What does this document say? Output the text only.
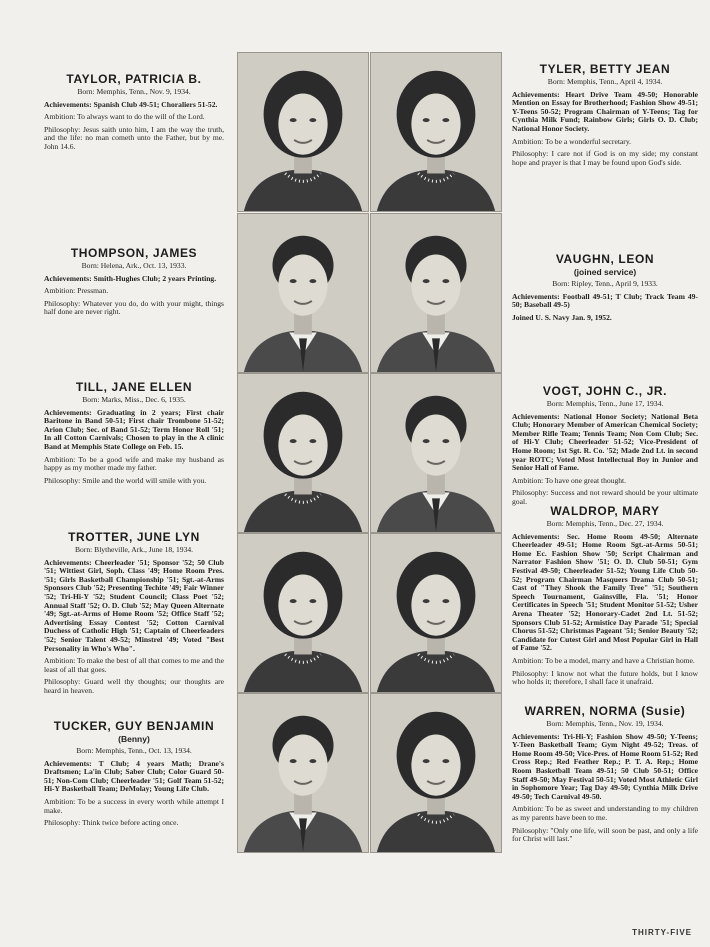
TAYLOR, PATRICIA B.

Born: Memphis, Tenn., Nov. 9, 1934.

Achievements: Spanish Club 49-51; Choraliers 51-52.

Ambition: To always want to do the will of the Lord.

Philosophy: Jesus saith unto him, I am the way the truth, and the life: no man cometh unto the Father, but by me. John 14.6.

THOMPSON, JAMES

Born: Helena, Ark., Oct. 13, 1933.

Achievements: Smith-Hughes Club; 2 years Printing.

Ambition: Pressman.

Philosophy: Whatever you do, do with your might, things half done are never right.

TILL, JANE ELLEN

Born: Marks, Miss., Dec. 6, 1935.

Achievements: Graduating in 2 years; First chair Baritone in Band 50-51; First chair Trombone 51-52; Arion Club; Sec. of Band 51-52; Term Honor Roll '51; In all Cotton Carnivals; Chosen to play in the A clinic Band at Memphis State College on Feb. 15.

Ambition: To be a good wife and make my husband as happy as my mother made my father.

Philosophy: Smile and the world will smile with you.

TROTTER, JUNE LYN

Born: Blytheville, Ark., June 18, 1934.

Achievements: Cheerleader '51; Sponsor '52; 50 Club '51; Wittiest Girl, Soph. Class '49; Home Room Pres. '51; Girls Basketball Championship '51; Sgt.-at-Arms Sponsors Club '52; Presenting Techite '49; Fair Winner '52; Tri-Hi-Y '52; Student Council; Class Poet '52; Annual Staff '52; O. D. Club '52; May Queen Alternate '49; Sgt.-at-Arms of Home Room '52; Office Staff '52; Advertising Essay Contest '52; Cotton Carnival Duchess of Catholic High '51; Captain of Cheerleaders '52; Senior Talent 49-52; Minstrel '49; Voted "Best Personality in Who's Who".

Ambition: To make the best of all that comes to me and the least of all that goes.

Philosophy: Guard well thy thoughts; our thoughts are heard in heaven.

TUCKER, GUY BENJAMIN
(Benny)

Born: Memphis, Tenn., Oct. 13, 1934.

Achievements: T Club; 4 years Math; Drane's Draftsmen; La'in Club; Saber Club; Color Guard 50-51; Non-Com Club; Cheerleader '51; Golf Team 51-52; Hi-Y Basketball Team; DeMolay; Young Life Club.

Ambition: To be a success in every worth while attempt I make.

Philosophy: Think twice before acting once.

TYLER, BETTY JEAN

Born: Memphis, Tenn., April 4, 1934.

Achievements: Heart Drive Team 49-50; Honorable Mention on Essay for Brotherhood; Fashion Show 49-51; Y-Teens 50-52; Program Chairman of Y-Teens; Tag for Cynthia Milk Fund; Rainbow Girls; Girls O. D. Club; National Honor Society.

Ambition: To be a wonderful secretary.

Philosophy: I care not if God is on my side; my constant hope and prayer is that I may be found upon God's side.

VAUGHN, LEON
(joined service)

Born: Ripley, Tenn., April 9, 1933.

Achievements: Football 49-51; T Club; Track Team 49-50; Baseball 49-5)

Joined U. S. Navy Jan. 9, 1952.

VOGT, JOHN C., JR.

Born: Memphis, Tenn., June 17, 1934.

Achievements: National Honor Society; National Beta Club; Honorary Member of American Chemical Society; Member Rifle Team; Tennis Team; Non Com Club; Sec. of Hi-Y Club; Cheerleader 51-52; Vice-President of Home Room; 1st Sgt. R. Co. '52; Made 2nd Lt. in second year ROTC; Voted Most Intellectual Boy in Junior and Senior Hall of Fame.

Ambition: To have one great thought.

Philosophy: Success and not reward should be your ultimate goal.

WALDROP, MARY

Born: Memphis, Tenn., Dec. 27, 1934.

Achievements: Sec. Home Room 49-50; Alternate Cheerleader 49-51; Home Room Sgt.-at-Arms 50-51; Home Ec. Fashion Show '50; Script Chairman and Narrator Fashion Show '51; O. D. Club 50-51; Gym Festival 49-50; Cheerleader 51-52; Young Life Club 50-52; Program Chairman Masquers Drama Club 50-51; Cast of "They Shook the Family Tree" '51; Southern Speech Tournament, Gainsville, Fla. '51; Honor Certificates in Speech '51; Student Monitor 51-52; Usher Arena Theater '52; Honorary-Cadet 2nd Lt. 51-52; Sponsors Club 51-52; Armistice Day Parade '51; Special Chorus 51-52; Christmas Pageant '51; Senior Beauty '52; Candidate for Cutest Girl and Most Popular Girl in Hall of Fame '52.

Ambition: To be a model, marry and have a Christian home.

Philosophy: I know not what the future holds, but I know who holds it; therefore, I shall face it unafraid.

WARREN, NORMA (Susie)

Born: Memphis, Tenn., Nov. 19, 1934.

Achievements: Tri-Hi-Y; Fashion Show 49-50; Y-Teens; Y-Teen Basketball Team; Gym Night 49-52; Treas. of Home Room 49-50; Vice-Pres. of Home Room 51-52; Red Cross Rep.; Red Feather Rep.; P. T. A. Rep.; Home Room Basketball Team 49-51; 50 Club 50-51; Office Staff 49-50; May Festival 50-51; Voted Most Athletic Girl in Sophomore Year; Tag Day 49-50; Cynthia Milk Drive 49-50; Tech Carnival 49-50.

Ambition: To be as sweet and understanding to my children as my parents have been to me.

Philosophy: "Only one life, will soon be past, and only a life for Christ will last."

THIRTY-FIVE
